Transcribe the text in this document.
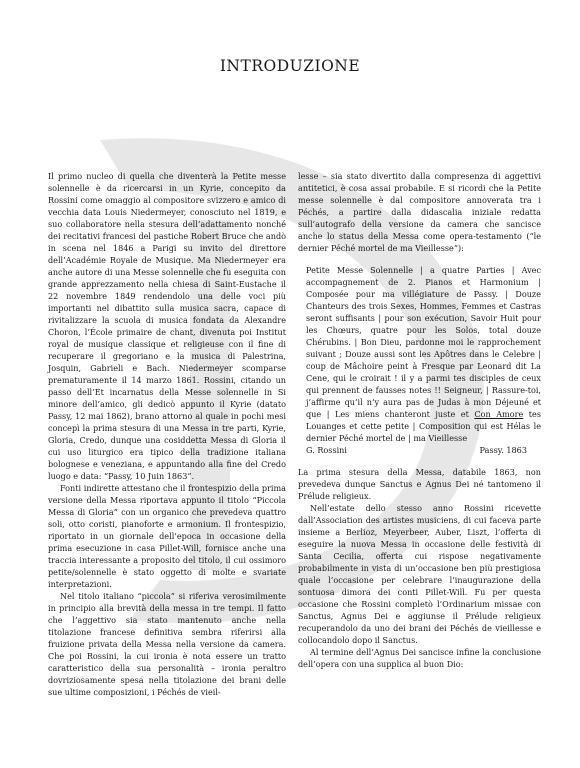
INTRODUZIONE

Il primo nucleo di quella che diventerà la Petite messe solennelle è da ricercarsi in un Kyrie, concepito da Rossini come omaggio al compositore svizzero e amico di vecchia data Louis Niedermeyer, conosciuto nel 1819, e suo collaboratore nella stesura dell’adattamento nonché dei recitativi francesi del pastiche Robert Bruce che andò in scena nel 1846 a Parigi su invito del direttore dell’Académie Royale de Musique. Ma Niedermeyer era anche autore di una Messe solennelle che fu eseguita con grande apprezzamento nella chiesa di Saint-Eustache il 22 novembre 1849 rendendolo una delle voci più importanti nel dibattito sulla musica sacra, capace di rivitalizzare la scuola di musica fondata da Alexandre Choron, l’École primaire de chant, divenuta poi Institut royal de musique classique et religieuse con il fine di recuperare il gregoriano e la musica di Palestrina, Josquin, Gabrieli e Bach. Niedermeyer scomparse prematuramente il 14 marzo 1861. Rossini, citando un passo dell’Et incarnatus della Messe solennelle in Si minore dell’amico, gli dedicò appunto il Kyrie (datato Passy, 12 mai 1862), brano attorno al quale in pochi mesi concepì la prima stesura di una Messa in tre parti, Kyrie, Gloria, Credo, dunque una cosiddetta Messa di Gloria il cui uso liturgico era tipico della tradizione italiana bolognese e veneziana, e appuntando alla fine del Credo luogo e data: “Passy, 10 Juin 1863”.

Fonti indirette attestano che il frontespizio della prima versione della Messa riportava appunto il titolo “Piccola Messa di Gloria” con un organico che prevedeva quattro soli, otto coristi, pianoforte e armonium. Il frontespizio, riportato in un giornale dell’epoca in occasione della prima esecuzione in casa Pillet-Will, fornisce anche una traccia interessante a proposito del titolo, il cui ossimoro petite/solennelle è stato oggetto di molte e svariate interpretazioni.

Nel titolo italiano “piccola” si riferiva verosimilmente in principio alla brevità della messa in tre tempi. Il fatto che l’aggettivo sia stato mantenuto anche nella titolazione francese definitiva sembra riferirsi alla fruizione privata della Messa nella versione da camera. Che poi Rossini, la cui ironia è nota essere un tratto caratteristico della sua personalità – ironia peraltro dovriziosamente spesa nella titolazione dei brani delle sue ultime composizioni, i Péchés de vieil-

lesse – sia stato divertito dalla compresenza di aggettivi antitetici, è cosa assai probabile. E si ricordi che la Petite messe solennelle è dal compositore annoverata tra i Péchés, a partire dalla didascalia iniziale redatta sull’autografo della versione da camera che sancisce anche lo status della Messa come opera-testamento (“le dernier Péché mortel de ma Vieillesse”):

Petite Messe Solennelle | a quatre Parties | Avec accompagnement de 2. Pianos et Harmonium | Composée pour ma villégiature de Passy. | Douze Chanteurs des trois Sexes, Hommes, Femmes et Castras seront suffisants | pour son exécution, Savoir Huit pour les Chœurs, quatre pour les Solos, total douze Chérubins. | Bon Dieu, pardonne moi le rapprochement suivant ; Douze aussi sont les Apôtres dans le Celebre | coup de Mâchoire peint à Fresque par Leonard dit La Cene, qui le croirait ! il y a parmi tes disciples de ceux qui prennent de fausses notes !! Seigneur, | Rassure-toi, j’affirme qu’il n’y aura pas de Judas à mon Déjeuné et que | Les miens chanteront juste et Con Amore tes Louanges et cette petite | Composition qui est Hélas le dernier Péché mortel de | ma Vieillesse
G. Rossini	Passy. 1863

La prima stesura della Messa, databile 1863, non prevedeva dunque Sanctus e Agnus Dei né tantomeno il Prélude religieux.

Nell’estate dello stesso anno Rossini ricevette dall’Association des artistes musiciens, di cui faceva parte insieme a Berlioz, Meyerbeer, Auber, Liszt, l’offerta di eseguire la nuova Messa in occasione delle festività di Santa Cecilia, offerta cui rispose negativamente probabilmente in vista di un’occasione ben più prestigiosa quale l’occasione per celebrare l’inaugurazione della sontuosa dimora dei conti Pillet-Will. Fu per questa occasione che Rossini completò l’Ordinarium missae con Sanctus, Agnus Dei e aggiunse il Prélude religieux recuperandolo da uno dei brani dei Péchés de vieillesse e collocandolo dopo il Sanctus.

Al termine dell’Agnus Dei sancisce infine la conclusione dell’opera con una supplica al buon Dio:
